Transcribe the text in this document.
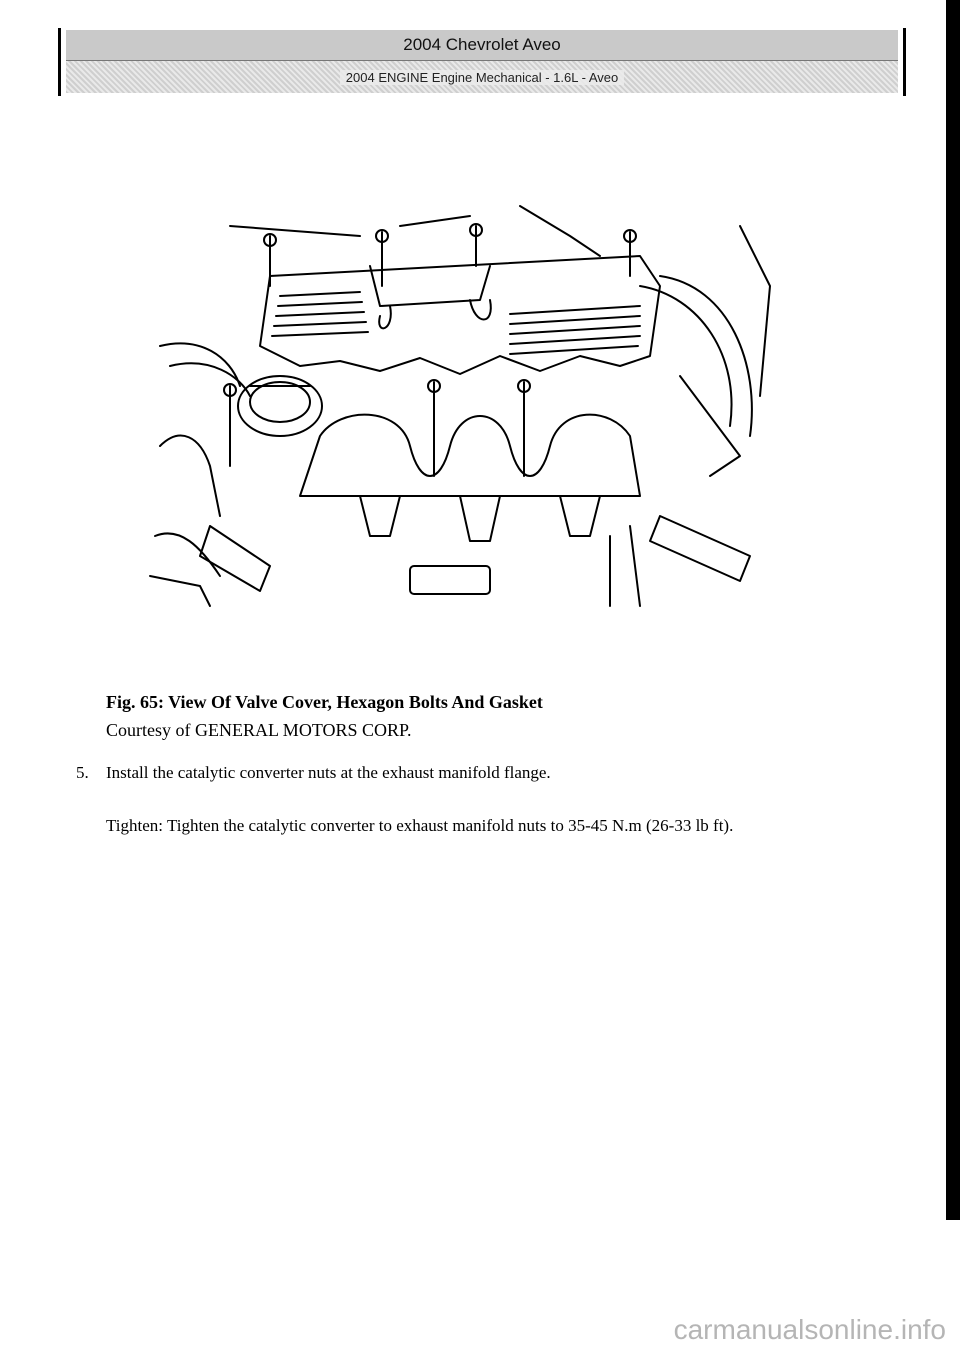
2004 Chevrolet Aveo
2004 ENGINE Engine Mechanical - 1.6L - Aveo
Fig. 65: View Of Valve Cover, Hexagon Bolts And Gasket
Courtesy of GENERAL MOTORS CORP.
5. Install the catalytic converter nuts at the exhaust manifold flange.
Tighten: Tighten the catalytic converter to exhaust manifold nuts to 35-45 N.m (26-33 lb ft).
carmanualsonline.info
